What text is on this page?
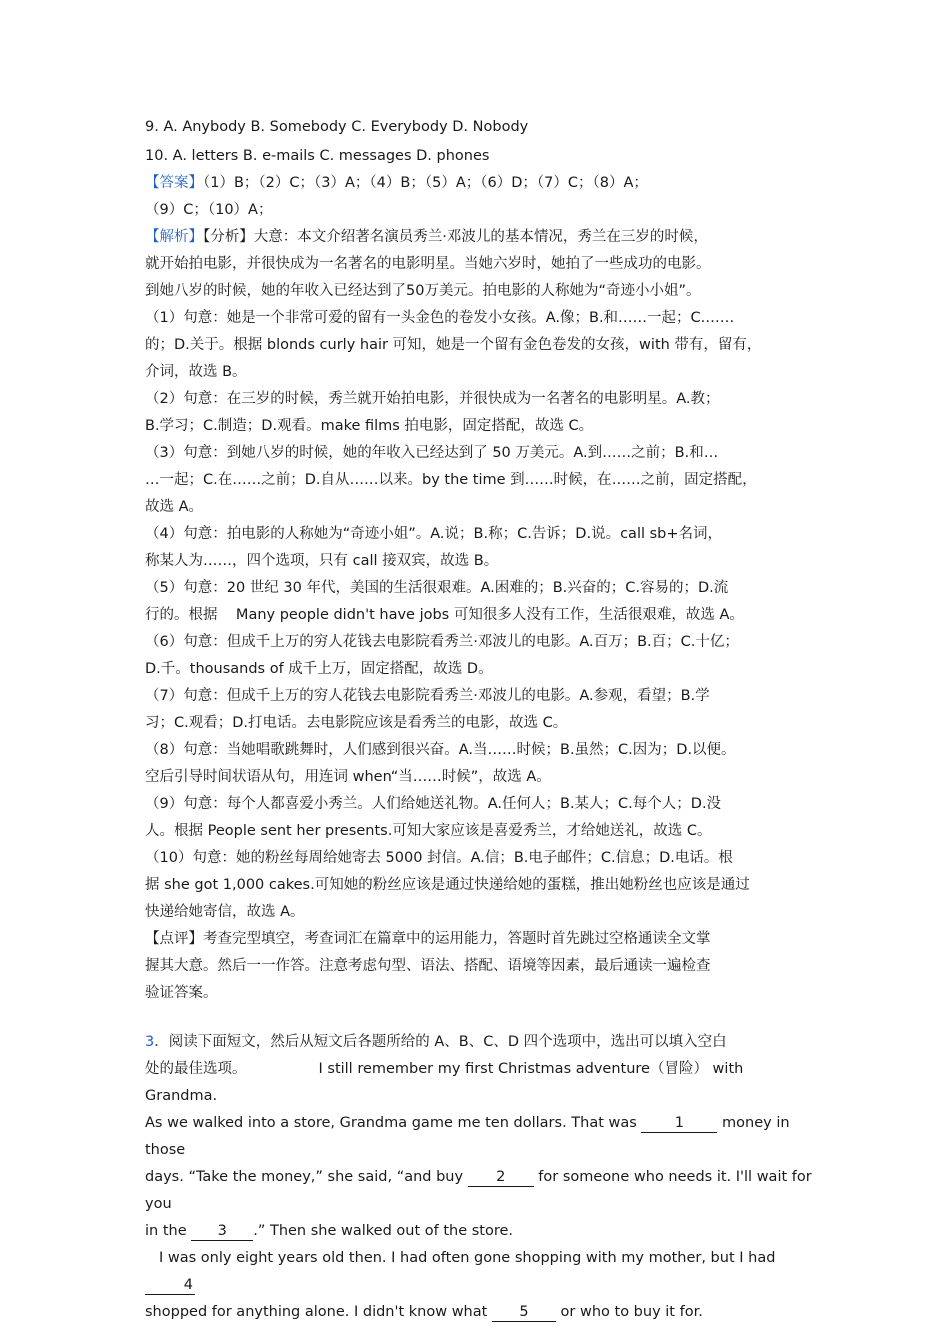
9. A. Anybody B. Somebody C. Everybody D. Nobody

10. A. letters B. e-mails C. messages D. phones

【答案】（1）B；（2）C；（3）A；（4）B；（5）A；（6）D；（7）C；（8）A；

（9）C；（10）A；

【解析】【分析】大意：本文介绍著名演员秀兰·邓波儿的基本情况，秀兰在三岁的时候，

就开始拍电影，并很快成为一名著名的电影明星。当她六岁时，她拍了一些成功的电影。

到她八岁的时候，她的年收入已经达到了50万美元。拍电影的人称她为“奇迹小小姐”。

（1）句意：她是一个非常可爱的留有一头金色的卷发小女孩。A.像；B.和……一起；C.……

的；D.关于。根据 blonds curly hair 可知，她是一个留有金色卷发的女孩，with 带有，留有，

介词，故选 B。

（2）句意：在三岁的时候，秀兰就开始拍电影，并很快成为一名著名的电影明星。A.教；

B.学习；C.制造；D.观看。make films 拍电影，固定搭配，故选 C。

（3）句意：到她八岁的时候，她的年收入已经达到了 50 万美元。A.到……之前；B.和…

…一起；C.在……之前；D.自从……以来。by the time 到……时候，在……之前，固定搭配，

故选 A。

（4）句意：拍电影的人称她为“奇迹小姐”。A.说；B.称；C.告诉；D.说。call sb+名词，

称某人为……，四个选项，只有 call 接双宾，故选 B。

（5）句意：20 世纪 30 年代，美国的生活很艰难。A.困难的；B.兴奋的；C.容易的；D.流

行的。根据    Many people didn't have jobs 可知很多人没有工作，生活很艰难，故选 A。

（6）句意：但成千上万的穷人花钱去电影院看秀兰·邓波儿的电影。A.百万；B.百；C.十亿；

D.千。thousands of 成千上万，固定搭配，故选 D。

（7）句意：但成千上万的穷人花钱去电影院看秀兰·邓波儿的电影。A.参观，看望；B.学

习；C.观看；D.打电话。去电影院应该是看秀兰的电影，故选 C。

（8）句意：当她唱歌跳舞时，人们感到很兴奋。A.当……时候；B.虽然；C.因为；D.以便。

空后引导时间状语从句，用连词 when“当……时候”，故选 A。

（9）句意：每个人都喜爱小秀兰。人们给她送礼物。A.任何人；B.某人；C.每个人；D.没

人。根据 People sent her presents.可知大家应该是喜爱秀兰，才给她送礼，故选 C。

（10）句意：她的粉丝每周给她寄去 5000 封信。A.信；B.电子邮件；C.信息；D.电话。根

据 she got 1,000 cakes.可知她的粉丝应该是通过快递给她的蛋糕，推出她粉丝也应该是通过

快递给她寄信，故选 A。

【点评】考查完型填空，考查词汇在篇章中的运用能力，答题时首先跳过空格通读全文掌

握其大意。然后一一作答。注意考虑句型、语法、搭配、语境等因素，最后通读一遍检查

验证答案。

3．阅读下面短文，然后从短文后各题所给的 A、B、C、D 四个选项中，选出可以填入空白

处的最佳选项。	I still remember my first Christmas adventure（冒险） with Grandma.

As we walked into a store, Grandma game me ten dollars. That was 1 money in those

days. “Take the money,” she said, “and buy 2 for someone who needs it. I'll wait for you

in the 3 .” Then she walked out of the store.

I was only eight years old then. I had often gone shopping with my mother, but I had 4

shopped for anything alone. I didn't know what 5 or who to buy it for.
